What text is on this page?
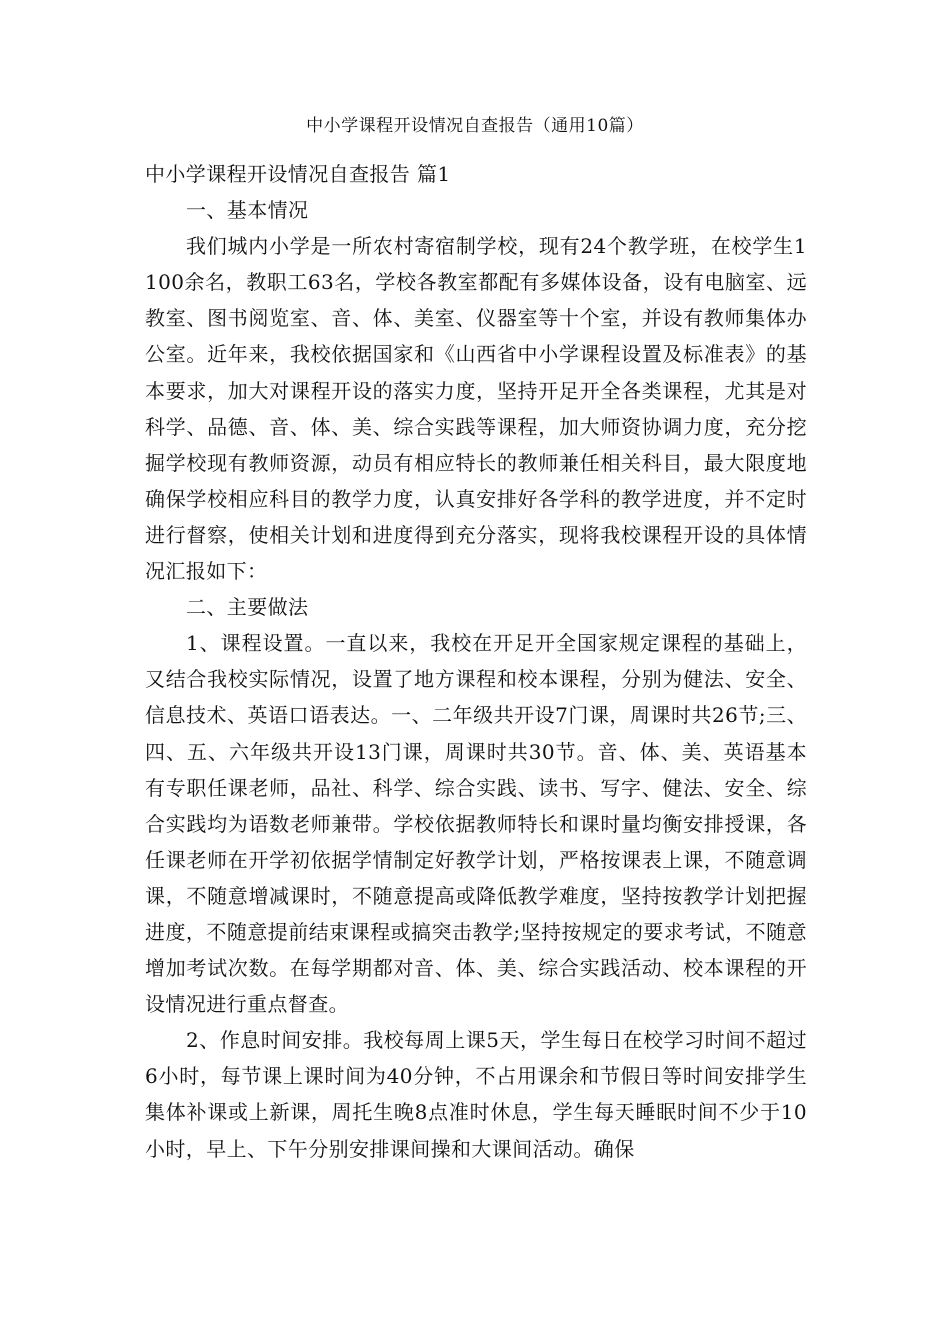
中小学课程开设情况自查报告（通用10篇）

中小学课程开设情况自查报告 篇1

一、基本情况

我们城内小学是一所农村寄宿制学校，现有24个教学班，在校学生1100余名，教职工63名，学校各教室都配有多媒体设备，设有电脑室、远教室、图书阅览室、音、体、美室、仪器室等十个室，并设有教师集体办公室。近年来，我校依据国家和《山西省中小学课程设置及标准表》的基本要求，加大对课程开设的落实力度，坚持开足开全各类课程，尤其是对科学、品德、音、体、美、综合实践等课程，加大师资协调力度，充分挖掘学校现有教师资源，动员有相应特长的教师兼任相关科目，最大限度地确保学校相应科目的教学力度，认真安排好各学科的教学进度，并不定时进行督察，使相关计划和进度得到充分落实，现将我校课程开设的具体情况汇报如下：

二、主要做法

1、课程设置。一直以来，我校在开足开全国家规定课程的基础上，又结合我校实际情况，设置了地方课程和校本课程，分别为健法、安全、信息技术、英语口语表达。一、二年级共开设7门课，周课时共26节;三、四、五、六年级共开设13门课，周课时共30节。音、体、美、英语基本有专职任课老师，品社、科学、综合实践、读书、写字、健法、安全、综合实践均为语数老师兼带。学校依据教师特长和课时量均衡安排授课，各任课老师在开学初依据学情制定好教学计划，严格按课表上课，不随意调课，不随意增减课时，不随意提高或降低教学难度，坚持按教学计划把握进度，不随意提前结束课程或搞突击教学;坚持按规定的要求考试，不随意增加考试次数。在每学期都对音、体、美、综合实践活动、校本课程的开设情况进行重点督查。

2、作息时间安排。我校每周上课5天，学生每日在校学习时间不超过6小时，每节课上课时间为40分钟，不占用课余和节假日等时间安排学生集体补课或上新课，周托生晚8点准时休息，学生每天睡眠时间不少于10小时，早上、下午分别安排课间操和大课间活动。确保
